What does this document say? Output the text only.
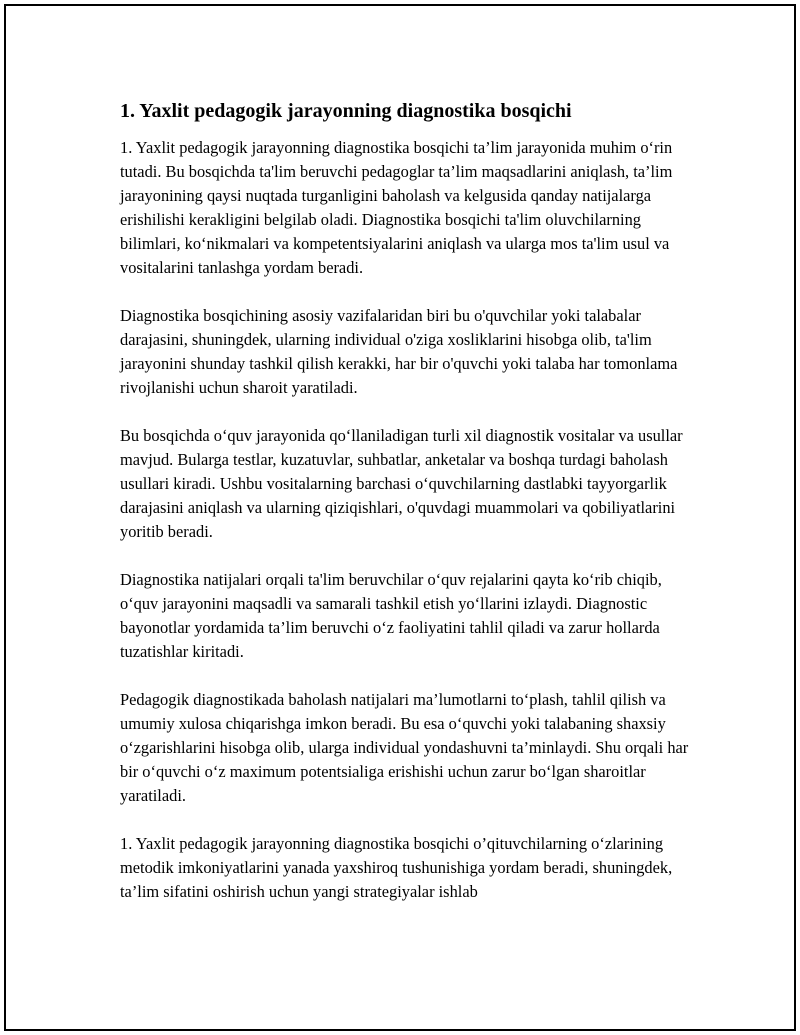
1. Yaxlit pedagogik jarayonning diagnostika bosqichi

1. Yaxlit pedagogik jarayonning diagnostika bosqichi ta’lim jarayonida muhim o‘rin tutadi. Bu bosqichda ta'lim beruvchi pedagoglar ta’lim maqsadlarini aniqlash, ta’lim jarayonining qaysi nuqtada turganligini baholash va kelgusida qanday natijalarga erishilishi kerakligini belgilab oladi. Diagnostika bosqichi ta'lim oluvchilarning bilimlari, ko‘nikmalari va kompetentsiyalarini aniqlash va ularga mos ta'lim usul va vositalarini tanlashga yordam beradi.

Diagnostika bosqichining asosiy vazifalaridan biri bu o'quvchilar yoki talabalar darajasini, shuningdek, ularning individual o'ziga xosliklarini hisobga olib, ta'lim jarayonini shunday tashkil qilish kerakki, har bir o'quvchi yoki talaba har tomonlama rivojlanishi uchun sharoit yaratiladi.

Bu bosqichda o‘quv jarayonida qo‘llaniladigan turli xil diagnostik vositalar va usullar mavjud. Bularga testlar, kuzatuvlar, suhbatlar, anketalar va boshqa turdagi baholash usullari kiradi. Ushbu vositalarning barchasi o‘quvchilarning dastlabki tayyorgarlik darajasini aniqlash va ularning qiziqishlari, o'quvdagi muammolari va qobiliyatlarini yoritib beradi.

Diagnostika natijalari orqali ta'lim beruvchilar o‘quv rejalarini qayta ko‘rib chiqib, o‘quv jarayonini maqsadli va samarali tashkil etish yo‘llarini izlaydi. Diagnostic bayonotlar yordamida ta’lim beruvchi o‘z faoliyatini tahlil qiladi va zarur hollarda tuzatishlar kiritadi.

Pedagogik diagnostikada baholash natijalari ma’lumotlarni to‘plash, tahlil qilish va umumiy xulosa chiqarishga imkon beradi. Bu esa o‘quvchi yoki talabaning shaxsiy o‘zgarishlarini hisobga olib, ularga individual yondashuvni ta’minlaydi. Shu orqali har bir o‘quvchi o‘z maximum potentsialiga erishishi uchun zarur bo‘lgan sharoitlar yaratiladi.

1. Yaxlit pedagogik jarayonning diagnostika bosqichi o’qituvchilarning o‘zlarining metodik imkoniyatlarini yanada yaxshiroq tushunishiga yordam beradi, shuningdek, ta’lim sifatini oshirish uchun yangi strategiyalar ishlab
